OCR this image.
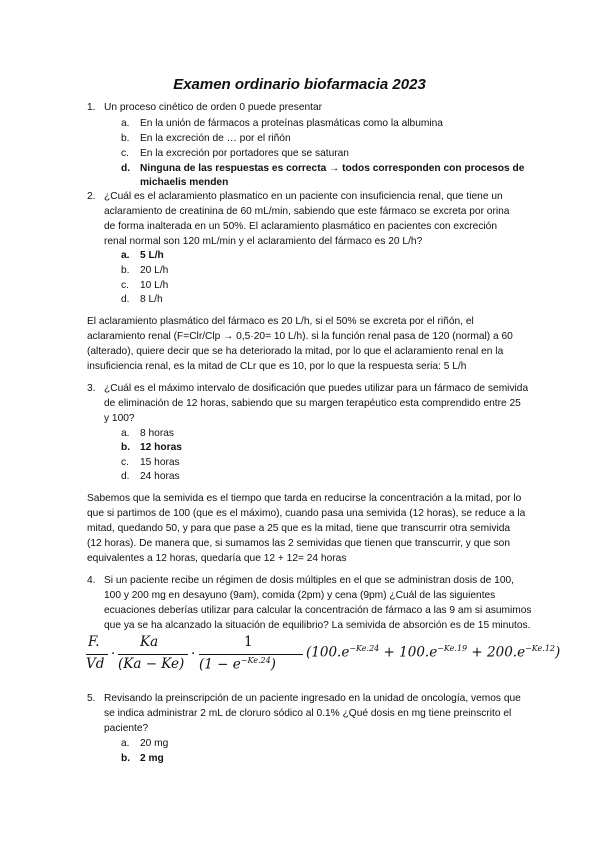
Examen ordinario biofarmacia 2023
1. Un proceso cinético de orden 0 puede presentar
a. En la unión de fármacos a proteínas plasmáticas como la albumina
b. En la excreción de … por el riñón
c. En la excreción por portadores que se saturan
d. Ninguna de las respuestas es correcta → todos corresponden con procesos de
michaelis menden
2. ¿Cuál es el aclaramiento plasmatico en un paciente con insuficiencia renal, que tiene un
aclaramiento de creatinina de 60 mL/min, sabiendo que este fármaco se excreta por orina
de forma inalterada en un 50%. El aclaramiento plasmático en pacientes con excreción
renal normal son 120 mL/min y el aclaramiento del fármaco es 20 L/h?
a. 5 L/h
b. 20 L/h
c. 10 L/h
d. 8 L/h
El aclaramiento plasmático del fármaco es 20 L/h, si el 50% se excreta por el riñón, el
aclaramiento renal (F=Clr/Clp → 0,5·20= 10 L/h). si la función renal pasa de 120 (normal) a 60
(alterado), quiere decir que se ha deteriorado la mitad, por lo que el aclaramiento renal en la
insuficiencia renal, es la mitad de CLr que es 10, por lo que la respuesta seria: 5 L/h
3. ¿Cuál es el máximo intervalo de dosificación que puedes utilizar para un fármaco de semivida
de eliminación de 12 horas, sabiendo que su margen terapéutico esta comprendido entre 25
y 100?
a. 8 horas
b. 12 horas
c. 15 horas
d. 24 horas
Sabemos que la semivida es el tiempo que tarda en reducirse la concentración a la mitad, por lo
que si partimos de 100 (que es el máximo), cuando pasa una semivida (12 horas), se reduce a la
mitad, quedando 50, y para que pase a 25 que es la mitad, tiene que transcurrir otra semivida
(12 horas). De manera que, si sumamos las 2 semividas que tienen que transcurrir, y que son
equivalentes a 12 horas, quedaría que 12 + 12= 24 horas
4. Si un paciente recibe un régimen de dosis múltiples en el que se administran dosis de 100,
100 y 200 mg en desayuno (9am), comida (2pm) y cena (9pm) ¿Cuál de las siguientes
ecuaciones deberías utilizar para calcular la concentración de fármaco a las 9 am si asumimos
que ya se ha alcanzado la situación de equilibrio? La semivida de absorción es de 15 minutos.
F.
Vd
·
Ka
(Ka − Ke)
·
1
$(1 - e^{-Ke.24})$
$(100.e^{-Ke.24} + 100.e^{-Ke.19} + 200.e^{-Ke.12})$
5. Revisando la preinscripción de un paciente ingresado en la unidad de oncología, vemos que
se indica administrar 2 mL de cloruro sódico al 0.1% ¿Qué dosis en mg tiene preinscrito el
paciente?
a. 20 mg
b. 2 mg
